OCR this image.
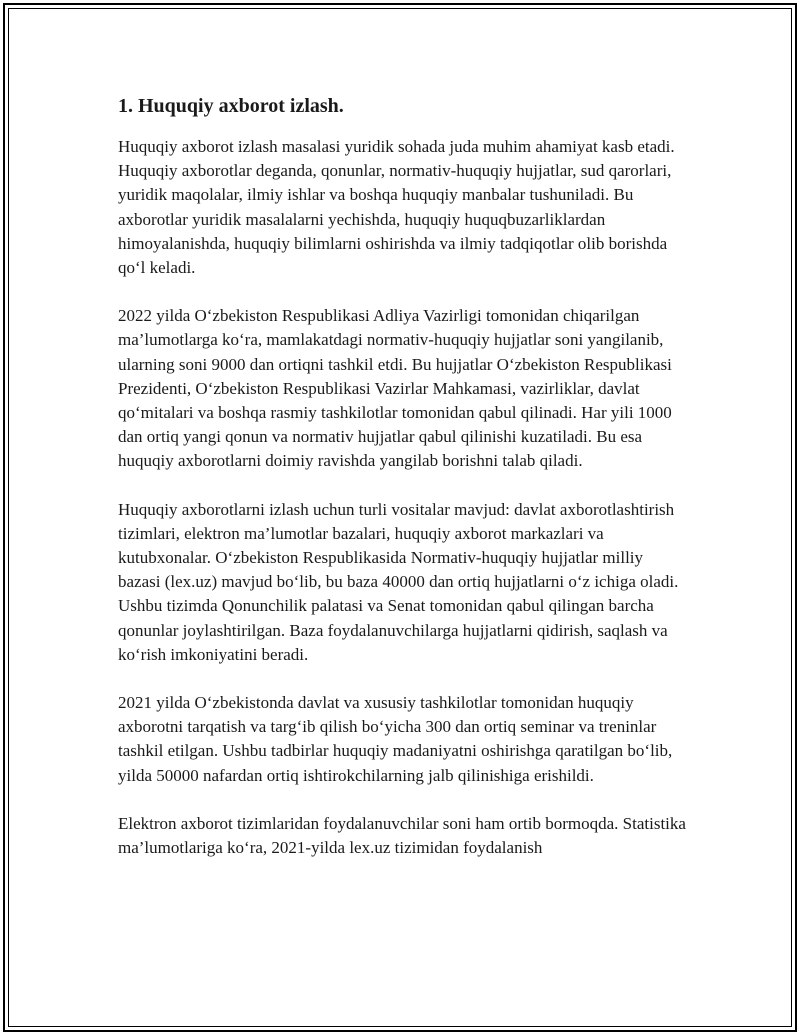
1. Huquqiy axborot izlash.

Huquqiy axborot izlash masalasi yuridik sohada juda muhim ahamiyat kasb etadi. Huquqiy axborotlar deganda, qonunlar, normativ-huquqiy hujjatlar, sud qarorlari, yuridik maqolalar, ilmiy ishlar va boshqa huquqiy manbalar tushuniladi. Bu axborotlar yuridik masalalarni yechishda, huquqiy huquqbuzarliklardan himoyalanishda, huquqiy bilimlarni oshirishda va ilmiy tadqiqotlar olib borishda qo‘l keladi.

2022 yilda O‘zbekiston Respublikasi Adliya Vazirligi tomonidan chiqarilgan ma’lumotlarga ko‘ra, mamlakatdagi normativ-huquqiy hujjatlar soni yangilanib, ularning soni 9000 dan ortiqni tashkil etdi. Bu hujjatlar O‘zbekiston Respublikasi Prezidenti, O‘zbekiston Respublikasi Vazirlar Mahkamasi, vazirliklar, davlat qo‘mitalari va boshqa rasmiy tashkilotlar tomonidan qabul qilinadi. Har yili 1000 dan ortiq yangi qonun va normativ hujjatlar qabul qilinishi kuzatiladi. Bu esa huquqiy axborotlarni doimiy ravishda yangilab borishni talab qiladi.

Huquqiy axborotlarni izlash uchun turli vositalar mavjud: davlat axborotlashtirish tizimlari, elektron ma’lumotlar bazalari, huquqiy axborot markazlari va kutubxonalar. O‘zbekiston Respublikasida Normativ-huquqiy hujjatlar milliy bazasi (lex.uz) mavjud bo‘lib, bu baza 40000 dan ortiq hujjatlarni o‘z ichiga oladi. Ushbu tizimda Qonunchilik palatasi va Senat tomonidan qabul qilingan barcha qonunlar joylashtirilgan. Baza foydalanuvchilarga hujjatlarni qidirish, saqlash va ko‘rish imkoniyatini beradi.

2021 yilda O‘zbekistonda davlat va xususiy tashkilotlar tomonidan huquqiy axborotni tarqatish va targ‘ib qilish bo‘yicha 300 dan ortiq seminar va treninlar tashkil etilgan. Ushbu tadbirlar huquqiy madaniyatni oshirishga qaratilgan bo‘lib, yilda 50000 nafardan ortiq ishtirokchilarning jalb qilinishiga erishildi.

Elektron axborot tizimlaridan foydalanuvchilar soni ham ortib bormoqda. Statistika ma’lumotlariga ko‘ra, 2021-yilda lex.uz tizimidan foydalanish
